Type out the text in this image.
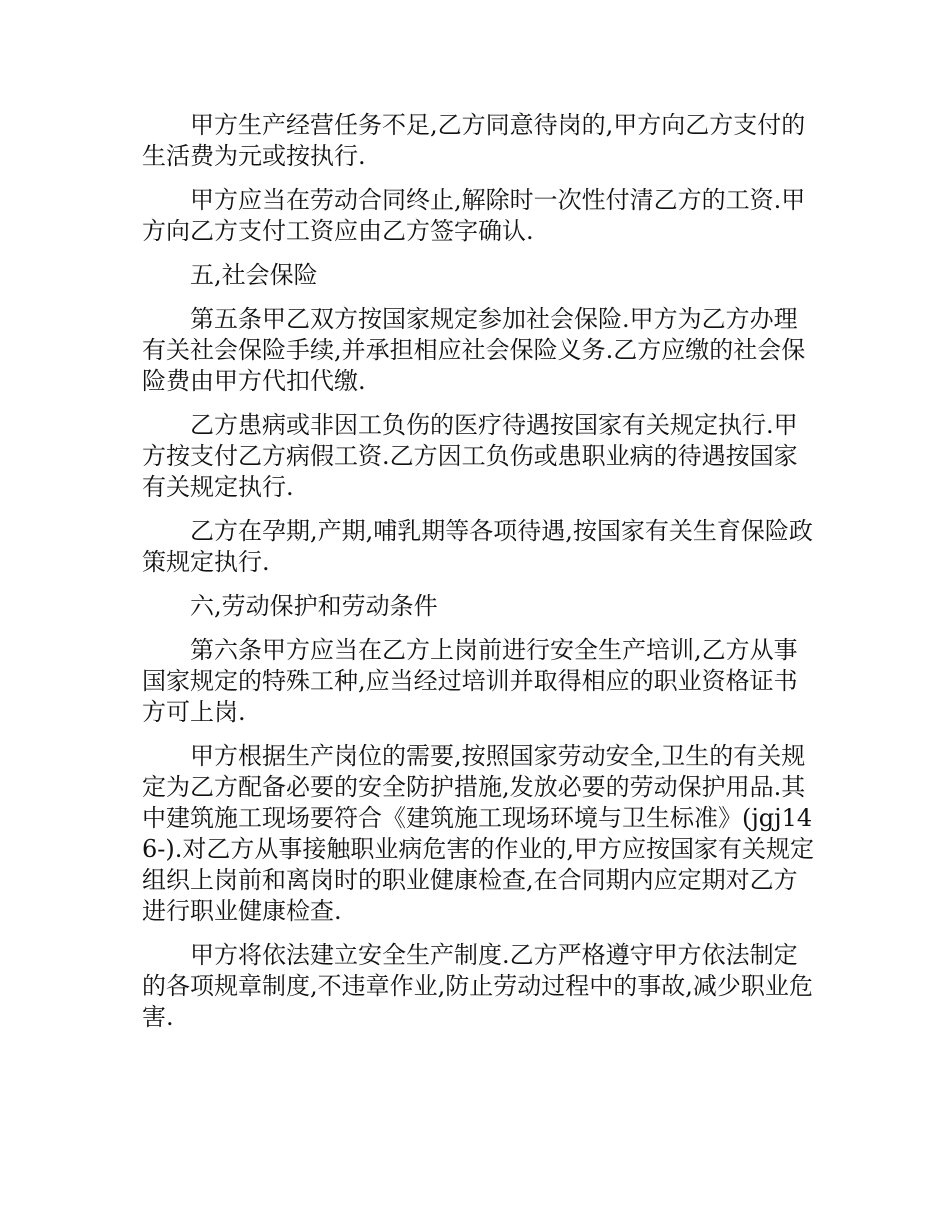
甲方生产经营任务不足,乙方同意待岗的,甲方向乙方支付的生活费为元或按执行.

甲方应当在劳动合同终止,解除时一次性付清乙方的工资.甲方向乙方支付工资应由乙方签字确认.

五,社会保险

第五条甲乙双方按国家规定参加社会保险.甲方为乙方办理有关社会保险手续,并承担相应社会保险义务.乙方应缴的社会保险费由甲方代扣代缴.

乙方患病或非因工负伤的医疗待遇按国家有关规定执行.甲方按支付乙方病假工资.乙方因工负伤或患职业病的待遇按国家有关规定执行.

乙方在孕期,产期,哺乳期等各项待遇,按国家有关生育保险政策规定执行.

六,劳动保护和劳动条件

第六条甲方应当在乙方上岗前进行安全生产培训,乙方从事国家规定的特殊工种,应当经过培训并取得相应的职业资格证书方可上岗.

甲方根据生产岗位的需要,按照国家劳动安全,卫生的有关规定为乙方配备必要的安全防护措施,发放必要的劳动保护用品.其中建筑施工现场要符合《建筑施工现场环境与卫生标准》(jgj146-).对乙方从事接触职业病危害的作业的,甲方应按国家有关规定组织上岗前和离岗时的职业健康检查,在合同期内应定期对乙方进行职业健康检查.

甲方将依法建立安全生产制度.乙方严格遵守甲方依法制定的各项规章制度,不违章作业,防止劳动过程中的事故,减少职业危害.
